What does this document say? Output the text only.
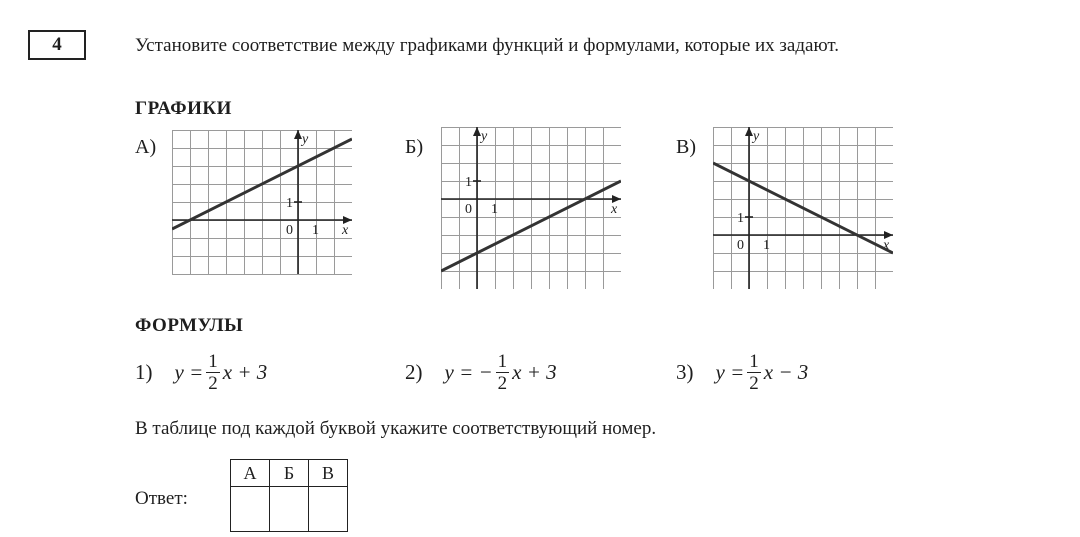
4	Установите соответствие между графиками функций и формулами, которые их задают.
ГРАФИКИ
А)	y
x
0 1
1
Б)	y
x
0 1
1
В)	y
x
0 1
1
ФОРМУЛЫ
1) $y = \frac{1}{2}$ x + 3	2) y = − $\frac{1}{2}$ x + 3	3) $y = \frac{1}{2}$ x − 3
В таблице под каждой буквой укажите соответствующий номер.
Ответ:
А	Б	В
